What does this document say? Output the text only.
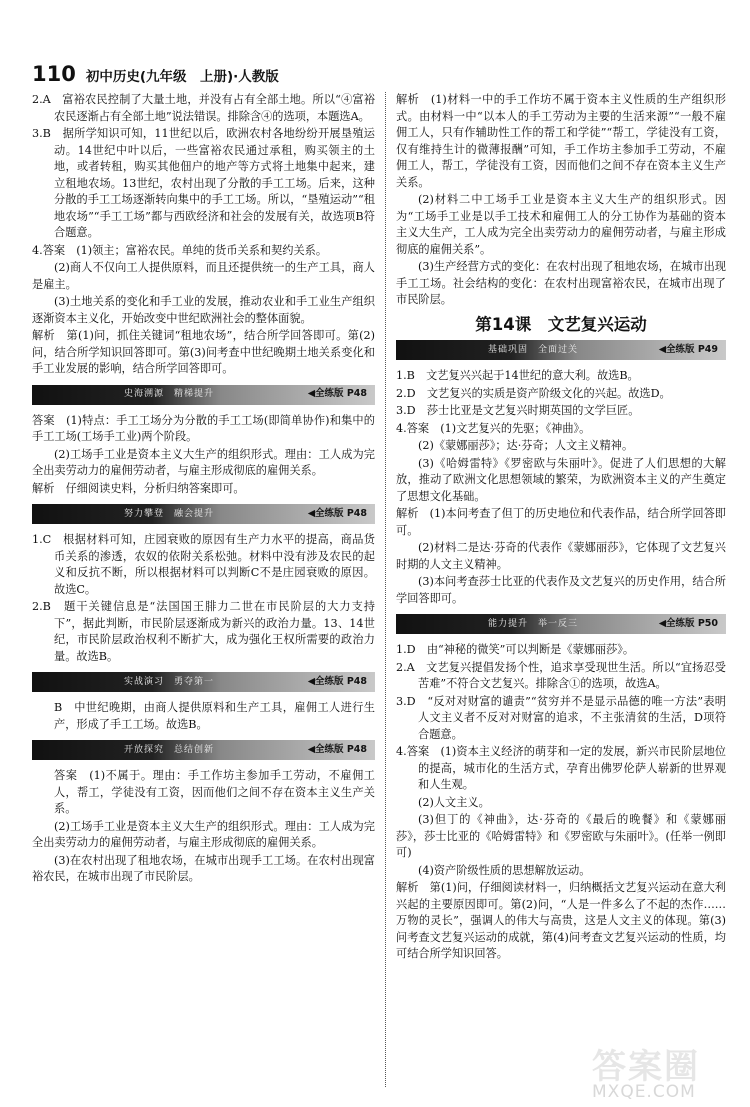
110 初中历史(九年级　上册)·人教版

2.A　富裕农民控制了大量土地，并没有占有全部土地。所以“④富裕农民逐渐占有全部土地”说法错误。排除含④的选项，本题选A。

3.B　据所学知识可知，11世纪以后，欧洲农村各地纷纷开展垦殖运动。14世纪中叶以后，一些富裕农民通过承租，购买领主的土地，或者转租，购买其他佃户的地产等方式将土地集中起来，建立租地农场。13世纪，农村出现了分散的手工工场。后来，这种分散的手工工场逐渐转向集中的手工工场。所以，“垦殖运动”“租地农场”“手工工场”都与西欧经济和社会的发展有关，故选项B符合题意。

4.答案　(1)领主；富裕农民。单纯的货币关系和契约关系。

(2)商人不仅向工人提供原料，而且还提供统一的生产工具，商人是雇主。

(3)土地关系的变化和手工业的发展，推动农业和手工业生产组织逐渐资本主义化，开始改变中世纪欧洲社会的整体面貌。

解析　第(1)问，抓住关键词“租地农场”，结合所学回答即可。第(2)问，结合所学知识回答即可。第(3)问考查中世纪晚期土地关系变化和手工业发展的影响，结合所学回答即可。

史海溯源　精梯提升	◀全练版 P48

答案　(1)特点：手工工场分为分散的手工工场(即简单协作)和集中的手工工场(工场手工业)两个阶段。

(2)工场手工业是资本主义大生产的组织形式。理由：工人成为完全出卖劳动力的雇佣劳动者，与雇主形成彻底的雇佣关系。

解析　仔细阅读史料，分析归纳答案即可。

努力攀登　融会提升	◀全练版 P48

1.C　根据材料可知，庄园衰败的原因有生产力水平的提高，商品货币关系的渗透，农奴的依附关系松弛。材料中没有涉及农民的起义和反抗不断，所以根据材料可以判断C不是庄园衰败的原因。故选C。

2.B　题干关键信息是“法国国王腓力二世在市民阶层的大力支持下”，据此判断，市民阶层逐渐成为新兴的政治力量。13、14世纪，市民阶层政治权利不断扩大，成为强化王权所需要的政治力量。故选B。

实战演习　勇夺第一	◀全练版 P48

B　中世纪晚期，由商人提供原料和生产工具，雇佣工人进行生产，形成了手工工场。故选B。

开放探究　总结创新	◀全练版 P48

答案　(1)不属于。理由：手工作坊主参加手工劳动，不雇佣工人，帮工，学徒没有工资，因而他们之间不存在资本主义生产关系。

(2)工场手工业是资本主义大生产的组织形式。理由：工人成为完全出卖劳动力的雇佣劳动者，与雇主形成彻底的雇佣关系。

(3)在农村出现了租地农场，在城市出现手工工场。在农村出现富裕农民，在城市出现了市民阶层。

解析　(1)材料一中的手工作坊不属于资本主义性质的生产组织形式。由材料一中“以本人的手工劳动为主要的生活来源”“一般不雇佣工人，只有作辅助性工作的帮工和学徒”“帮工，学徒没有工资，仅有维持生计的微薄报酬”可知，手工作坊主参加手工劳动，不雇佣工人，帮工，学徒没有工资，因而他们之间不存在资本主义生产关系。

(2)材料二中工场手工业是资本主义大生产的组织形式。因为“工场手工业是以手工技术和雇佣工人的分工协作为基础的资本主义大生产，工人成为完全出卖劳动力的雇佣劳动者，与雇主形成彻底的雇佣关系”。

(3)生产经营方式的变化：在农村出现了租地农场，在城市出现手工工场。社会结构的变化：在农村出现富裕农民，在城市出现了市民阶层。

第14课　文艺复兴运动
基础巩固　全面过关	◀全练版 P49

1.B　文艺复兴兴起于14世纪的意大利。故选B。

2.D　文艺复兴的实质是资产阶级文化的兴起。故选D。

3.D　莎士比亚是文艺复兴时期英国的文学巨匠。

4.答案　(1)文艺复兴的先驱；《神曲》。

(2)《蒙娜丽莎》；达·芬奇；人文主义精神。

(3)《哈姆雷特》《罗密欧与朱丽叶》。促进了人们思想的大解放，推动了欧洲文化思想领域的繁荣，为欧洲资本主义的产生奠定了思想文化基础。

解析　(1)本问考查了但丁的历史地位和代表作品，结合所学回答即可。

(2)材料二是达·芬奇的代表作《蒙娜丽莎》，它体现了文艺复兴时期的人文主义精神。

(3)本问考查莎士比亚的代表作及文艺复兴的历史作用，结合所学回答即可。

能力提升　举一反三	◀全练版 P50

1.D　由“神秘的微笑”可以判断是《蒙娜丽莎》。

2.A　文艺复兴提倡发扬个性，追求享受现世生活。所以“宜扬忍受苦难”不符合文艺复兴。排除含①的选项，故选A。

3.D　“反对对财富的谴责”“贫穷并不是显示品德的唯一方法”表明人文主义者不反对对财富的追求，不主张清贫的生活，D项符合题意。

4.答案　(1)资本主义经济的萌芽和一定的发展，新兴市民阶层地位的提高，城市化的生活方式，孕育出佛罗伦萨人崭新的世界观和人生观。

(2)人文主义。

(3)但丁的《神曲》，达·芬奇的《最后的晚餐》和《蒙娜丽莎》，莎士比亚的《哈姆雷特》和《罗密欧与朱丽叶》。(任举一例即可)

(4)资产阶级性质的思想解放运动。

解析　第(1)问，仔细阅读材料一，归纳概括文艺复兴运动在意大利兴起的主要原因即可。第(2)问，“人是一件多么了不起的杰作……万物的灵长”，强调人的伟大与高贵，这是人文主义的体现。第(3)问考查文艺复兴运动的成就，第(4)问考查文艺复兴运动的性质，均可结合所学知识回答。

答案圈
MXQE.COM
